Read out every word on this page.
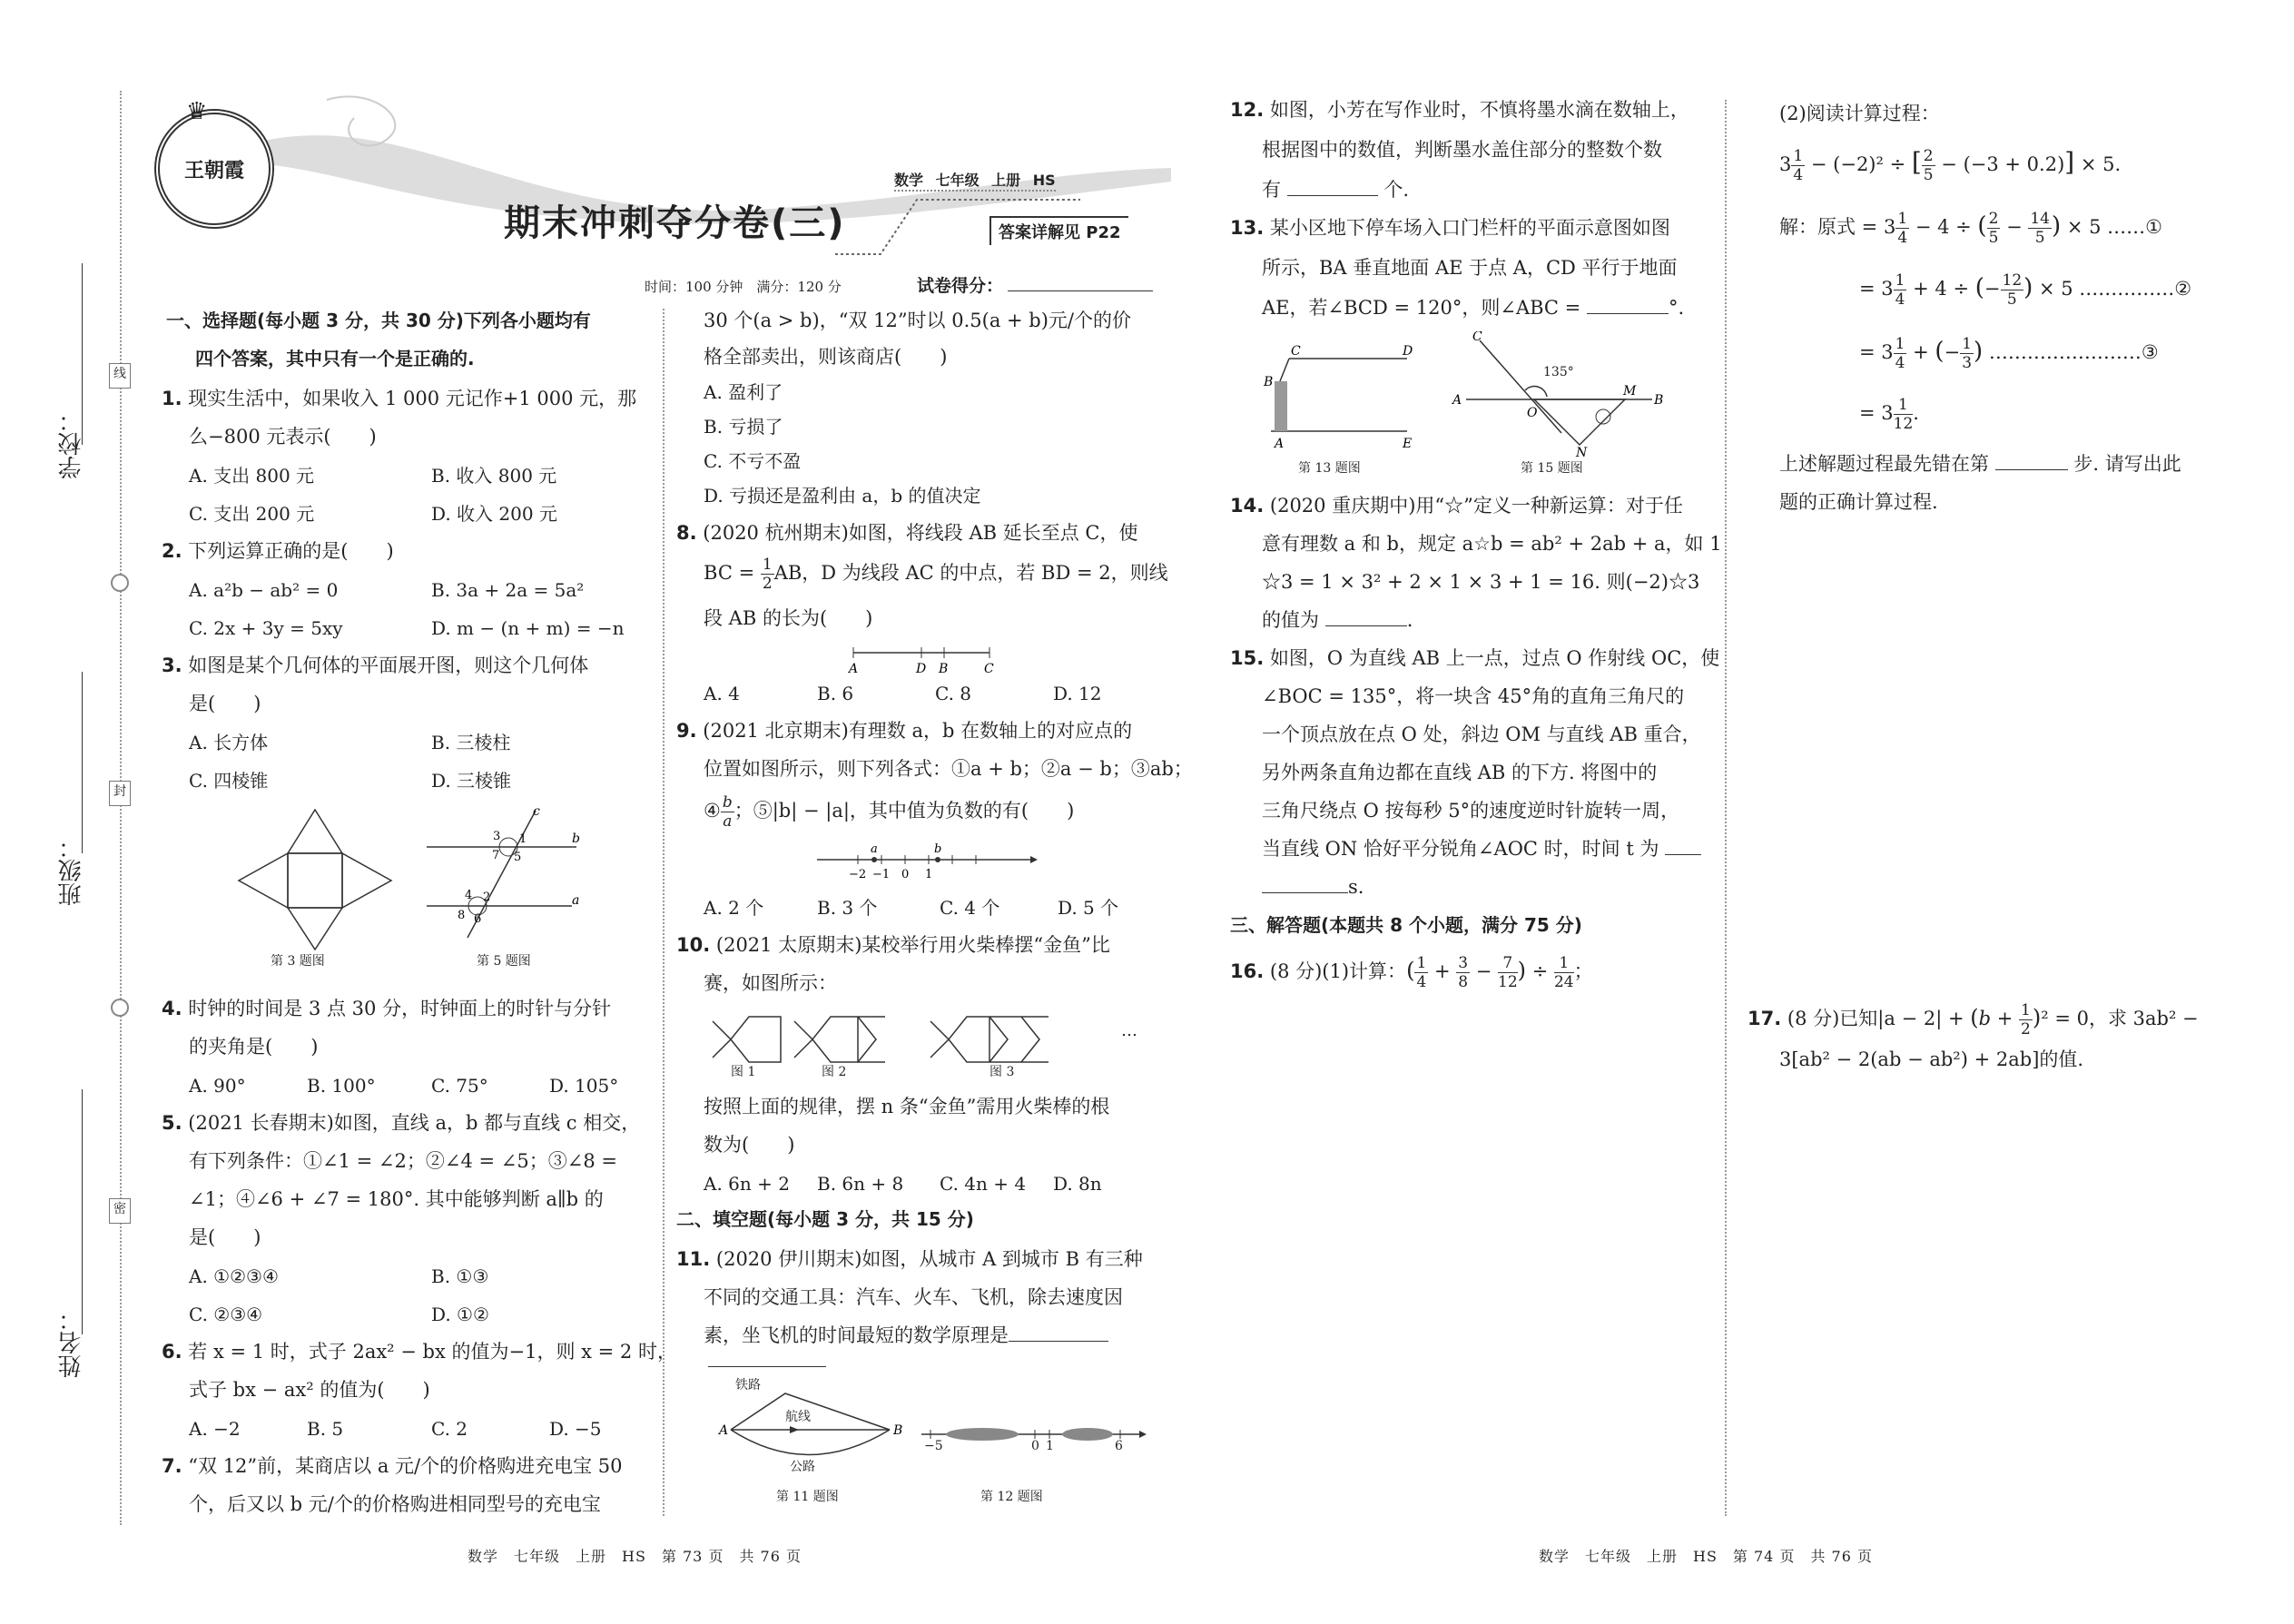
学校：
班级：
姓名：
线
封
密
王朝霞
♛
期末冲刺夺分卷(三)
数学 七年级 上册 HS
答案详解见 P22
时间：100 分钟　满分：120 分	试卷得分：
一、选择题(每小题 3 分，共 30 分)下列各小题均有
四个答案，其中只有一个是正确的.
1. 现实生活中，如果收入 1 000 元记作+1 000 元，那
么−800 元表示(　　)
A. 支出 800 元	B. 收入 800 元
C. 支出 200 元	D. 收入 200 元
2. 下列运算正确的是(　　)
A. a²b − ab² = 0	B. 3a + 2a = 5a²
C. 2x + 3y = 5xy	D. m − (n + m) = −n
3. 如图是某个几何体的平面展开图，则这个几何体
是(　　)
A. 长方体	B. 三棱柱
C. 四棱锥	D. 三棱锥
第 3 题图
b
a
c
3 1
7 5
4 2
8 6
第 5 题图
4. 时钟的时间是 3 点 30 分，时钟面上的时针与分针
的夹角是(　　)
A. 90°	B. 100°	C. 75°	D. 105°
5. (2021 长春期末)如图，直线 a，b 都与直线 c 相交，
有下列条件：①∠1 = ∠2；②∠4 = ∠5；③∠8 =
∠1；④∠6 + ∠7 = 180°. 其中能够判断 a∥b 的
是(　　)
A. ①②③④	B. ①③
C. ②③④	D. ①②
6. 若 x = 1 时，式子 2ax² − bx 的值为−1，则 x = 2 时，
式子 bx − ax² 的值为(　　)
A. −2	B. 5	C. 2	D. −5
7. “双 12”前，某商店以 a 元/个的价格购进充电宝 50
个，后又以 b 元/个的价格购进相同型号的充电宝
30 个(a > b)，“双 12”时以 0.5(a + b)元/个的价
格全部卖出，则该商店(　　)
A. 盈利了
B. 亏损了
C. 不亏不盈
D. 亏损还是盈利由 a，b 的值决定
8. (2020 杭州期末)如图，将线段 AB 延长至点 C，使
BC = $\frac{1}{2}$ AB，D 为线段 AC 的中点，若 BD = 2，则线
段 AB 的长为(　　)
A	D B	C
A. 4	B. 6	C. 8	D. 12
9. (2021 北京期末)有理数 a，b 在数轴上的对应点的
位置如图所示，则下列各式：①a + b；②a − b；③ab；
④ $\frac{b}{a}$ ；⑤|b| − |a|，其中值为负数的有(　　)
a	b
−2 −1 0 1
A. 2 个	B. 3 个	C. 4 个	D. 5 个
10. (2021 太原期末)某校举行用火柴棒摆“金鱼”比
赛，如图所示：
图 1	图 2	图 3
…
按照上面的规律，摆 n 条“金鱼”需用火柴棒的根
数为(　　)
A. 6n + 2 B. 6n + 8 C. 4n + 4 D. 8n
二、填空题(每小题 3 分，共 15 分)
11. (2020 伊川期末)如图，从城市 A 到城市 B 有三种
不同的交通工具：汽车、火车、飞机，除去速度因
素，坐飞机的时间最短的数学原理是
A	B
铁路
航线
公路
第 11 题图
−5	0 1	6
第 12 题图
12. 如图，小芳在写作业时，不慎将墨水滴在数轴上，
根据图中的数值，判断墨水盖住部分的整数个数
有	个.
13. 某小区地下停车场入口门栏杆的平面示意图如图
所示，BA 垂直地面 AE 于点 A，CD 平行于地面
AE，若∠BCD = 120°，则∠ABC =	°.
C	D
B
A	E
第 13 题图
C
A	B
O
M
N
135°
第 15 题图
14. (2020 重庆期中)用“☆”定义一种新运算：对于任
意有理数 a 和 b，规定 a☆b = ab² + 2ab + a，如 1
☆3 = 1 × 3² + 2 × 1 × 3 + 1 = 16. 则(−2)☆3
的值为	.
15. 如图，O 为直线 AB 上一点，过点 O 作射线 OC，使
∠BOC = 135°，将一块含 45°角的直角三角尺的
一个顶点放在点 O 处，斜边 OM 与直线 AB 重合，
另外两条直角边都在直线 AB 的下方. 将图中的
三角尺绕点 O 按每秒 5°的速度逆时针旋转一周，
当直线 ON 恰好平分锐角∠AOC 时，时间 t 为
s.
三、解答题(本题共 8 个小题，满分 75 分)
16. (8 分)(1)计算：( $\frac{1}{4} + \frac{3}{8} - \frac{7}{12}$ ) ÷ $\frac{1}{24}$ ；
(2)阅读计算过程：
$3 \frac{1}{4} - (-2)^2$ ÷ [ $\frac{2}{5} - (-3 + 0.2)] \times 5$.
解：原式 = $3 \frac{1}{4} - 4$ ÷ ( $\frac{2}{5} - \frac{14}{5}$ ) × 5 ……①
= $3 \frac{1}{4} + 4$ ÷ (− $\frac{12}{5}$ ) × 5 ……………②
= $3 \frac{1}{4}$ + (− $\frac{1}{3}$ ) ……………………③
= $3 \frac{1}{12}$ .
上述解题过程最先错在第	步. 请写出此
题的正确计算过程.
17. (8 分)已知$|a - 2| + (b + \frac{1}{2} )^2 = 0$，求 3ab² −
3[ab² − 2(ab − ab²) + 2ab]的值.
数学　七年级　上册　HS　第 73 页　共 76 页	数学　七年级　上册　HS　第 74 页　共 76 页
